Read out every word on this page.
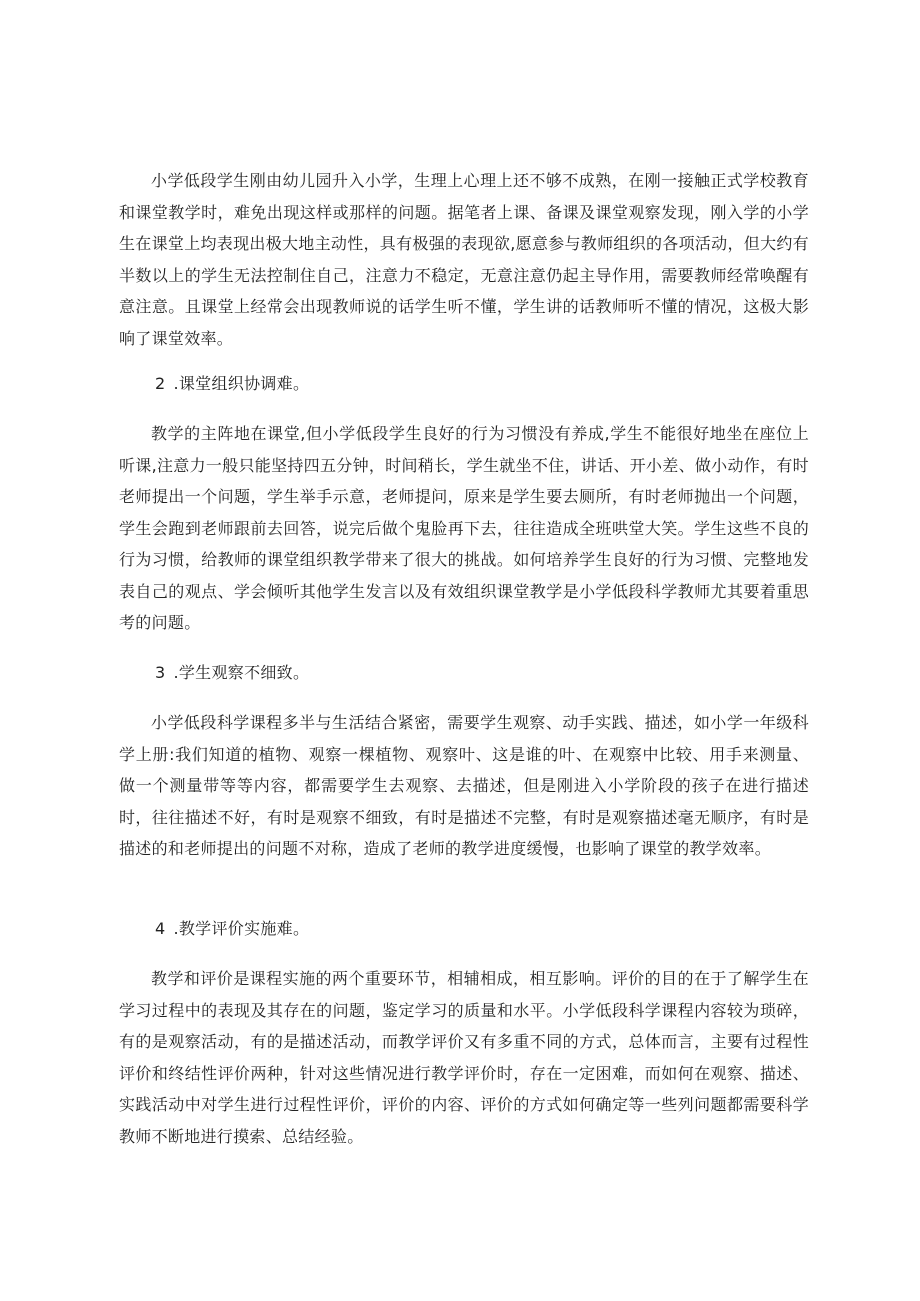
小学低段学生刚由幼儿园升入小学，生理上心理上还不够不成熟，在刚一接触正式学校教育和课堂教学时，难免出现这样或那样的问题。据笔者上课、备课及课堂观察发现，刚入学的小学生在课堂上均表现出极大地主动性，具有极强的表现欲,愿意参与教师组织的各项活动，但大约有半数以上的学生无法控制住自己，注意力不稳定，无意注意仍起主导作用，需要教师经常唤醒有意注意。且课堂上经常会出现教师说的话学生听不懂，学生讲的话教师听不懂的情况，这极大影响了课堂效率。

2 .课堂组织协调难。

教学的主阵地在课堂,但小学低段学生良好的行为习惯没有养成,学生不能很好地坐在座位上听课,注意力一般只能坚持四五分钟，时间稍长，学生就坐不住，讲话、开小差、做小动作，有时老师提出一个问题，学生举手示意，老师提问，原来是学生要去厕所，有时老师抛出一个问题，学生会跑到老师跟前去回答，说完后做个鬼脸再下去，往往造成全班哄堂大笑。学生这些不良的行为习惯，给教师的课堂组织教学带来了很大的挑战。如何培养学生良好的行为习惯、完整地发表自己的观点、学会倾听其他学生发言以及有效组织课堂教学是小学低段科学教师尤其要着重思考的问题。

3 .学生观察不细致。

小学低段科学课程多半与生活结合紧密，需要学生观察、动手实践、描述，如小学一年级科学上册:我们知道的植物、观察一棵植物、观察叶、这是谁的叶、在观察中比较、用手来测量、做一个测量带等等内容，都需要学生去观察、去描述，但是刚进入小学阶段的孩子在进行描述时，往往描述不好，有时是观察不细致，有时是描述不完整，有时是观察描述毫无顺序，有时是描述的和老师提出的问题不对称，造成了老师的教学进度缓慢，也影响了课堂的教学效率。

4 .教学评价实施难。

教学和评价是课程实施的两个重要环节，相辅相成，相互影响。评价的目的在于了解学生在学习过程中的表现及其存在的问题，鉴定学习的质量和水平。小学低段科学课程内容较为琐碎，有的是观察活动，有的是描述活动，而教学评价又有多重不同的方式，总体而言，主要有过程性评价和终结性评价两种，针对这些情况进行教学评价时，存在一定困难，而如何在观察、描述、实践活动中对学生进行过程性评价，评价的内容、评价的方式如何确定等一些列问题都需要科学教师不断地进行摸索、总结经验。
